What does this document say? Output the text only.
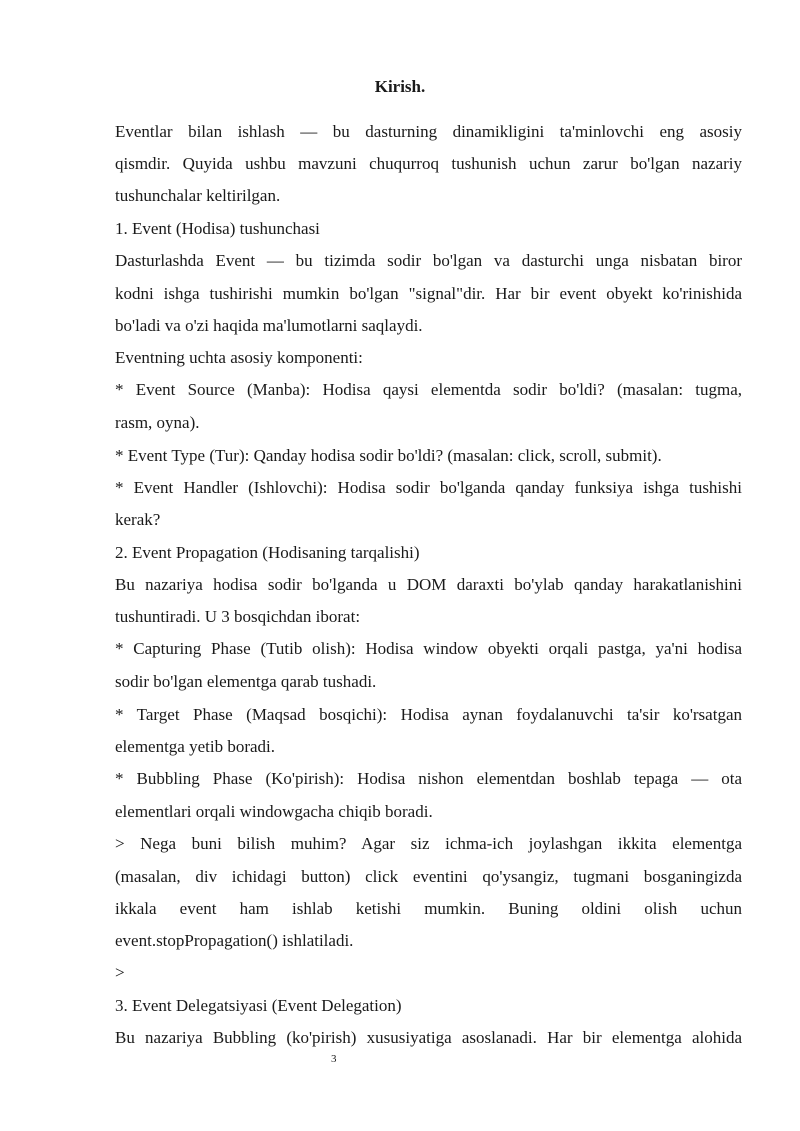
Kirish.
Eventlar bilan ishlash — bu dasturning dinamikligini ta'minlovchi eng asosiy
qismdir. Quyida ushbu mavzuni chuqurroq tushunish uchun zarur bo'lgan nazariy
tushunchalar keltirilgan.
1. Event (Hodisa) tushunchasi
Dasturlashda Event — bu tizimda sodir bo'lgan va dasturchi unga nisbatan biror
kodni ishga tushirishi mumkin bo'lgan "signal"dir. Har bir event obyekt ko'rinishida
bo'ladi va o'zi haqida ma'lumotlarni saqlaydi.
Eventning uchta asosiy komponenti:
* Event Source (Manba): Hodisa qaysi elementda sodir bo'ldi? (masalan: tugma,
rasm, oyna).
* Event Type (Tur): Qanday hodisa sodir bo'ldi? (masalan: click, scroll, submit).
* Event Handler (Ishlovchi): Hodisa sodir bo'lganda qanday funksiya ishga tushishi
kerak?
2. Event Propagation (Hodisaning tarqalishi)
Bu nazariya hodisa sodir bo'lganda u DOM daraxti bo'ylab qanday harakatlanishini
tushuntiradi. U 3 bosqichdan iborat:
* Capturing Phase (Tutib olish): Hodisa window obyekti orqali pastga, ya'ni hodisa
sodir bo'lgan elementga qarab tushadi.
* Target Phase (Maqsad bosqichi): Hodisa aynan foydalanuvchi ta'sir ko'rsatgan
elementga yetib boradi.
* Bubbling Phase (Ko'pirish): Hodisa nishon elementdan boshlab tepaga — ota
elementlari orqali windowgacha chiqib boradi.
> Nega buni bilish muhim? Agar siz ichma-ich joylashgan ikkita elementga
(masalan, div ichidagi button) click eventini qo'ysangiz, tugmani bosganingizda
ikkala event ham ishlab ketishi mumkin. Buning oldini olish uchun
event.stopPropagation() ishlatiladi.
>
3. Event Delegatsiyasi (Event Delegation)
Bu nazariya Bubbling (ko'pirish) xususiyatiga asoslanadi. Har bir elementga alohida
3
